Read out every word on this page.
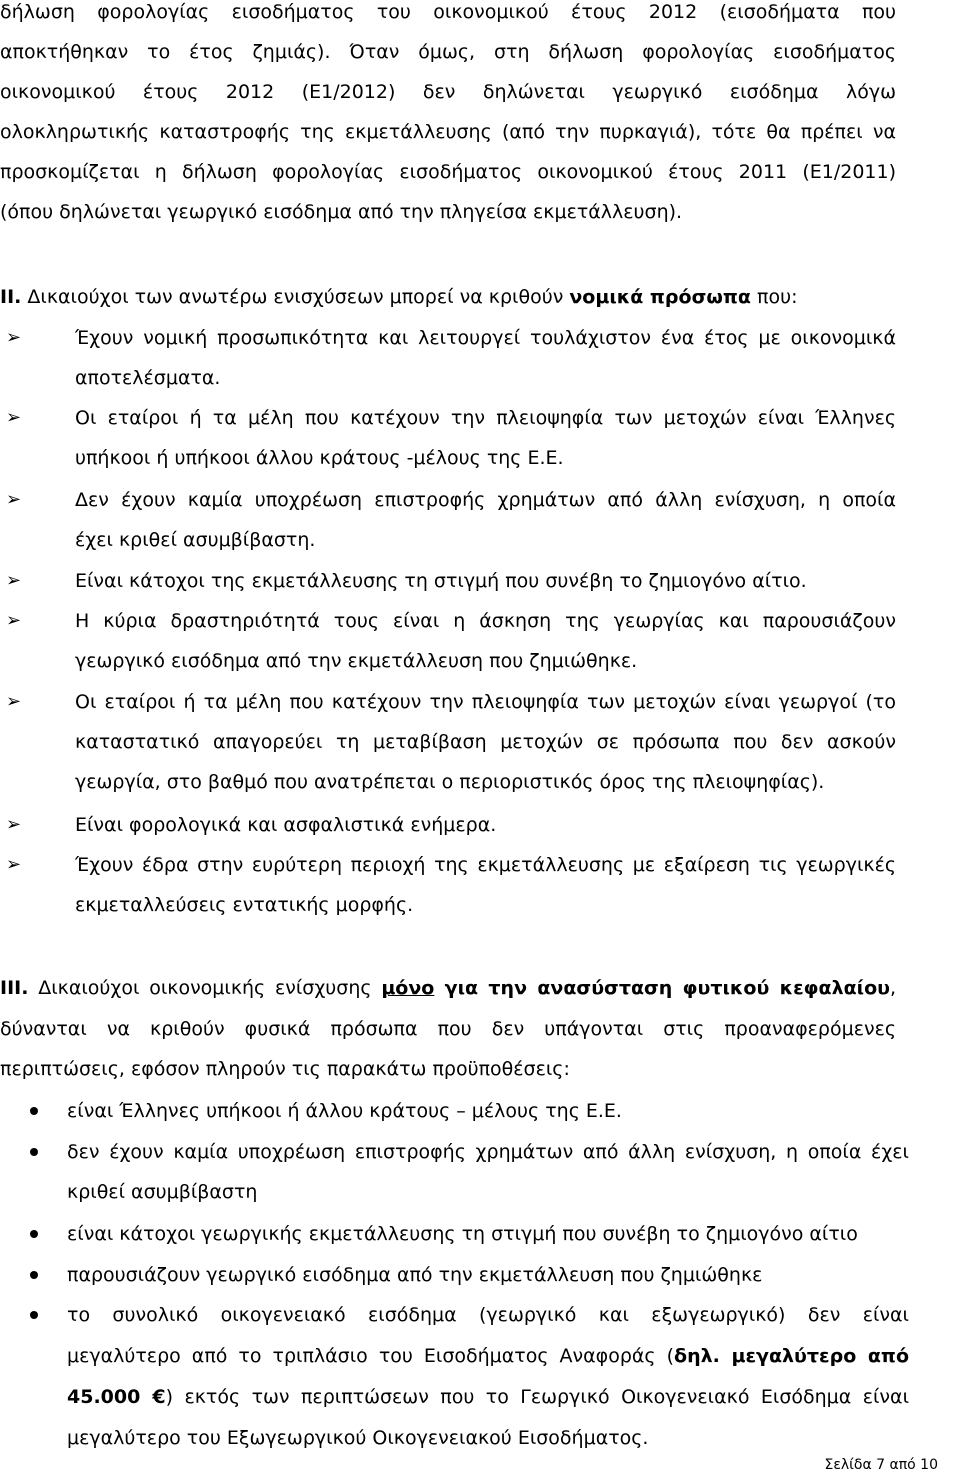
δήλωση φορολογίας εισοδήματος του οικονομικού έτους 2012 (εισοδήματα που
αποκτήθηκαν το έτος ζημιάς). Όταν όμως, στη δήλωση φορολογίας εισοδήματος
οικονομικού έτους 2012 (Ε1/2012) δεν δηλώνεται γεωργικό εισόδημα λόγω
ολοκληρωτικής καταστροφής της εκμετάλλευσης (από την πυρκαγιά), τότε θα πρέπει να
προσκομίζεται η δήλωση φορολογίας εισοδήματος οικονομικού έτους 2011 (Ε1/2011)
(όπου δηλώνεται γεωργικό εισόδημα από την πληγείσα εκμετάλλευση).
II. Δικαιούχοι των ανωτέρω ενισχύσεων μπορεί να κριθούν νομικά πρόσωπα που:
➢	Έχουν νομική προσωπικότητα και λειτουργεί τουλάχιστον ένα έτος με οικονομικά
αποτελέσματα.
➢	Οι εταίροι ή τα μέλη που κατέχουν την πλειοψηφία των μετοχών είναι Έλληνες
υπήκοοι ή υπήκοοι άλλου κράτους -μέλους της Ε.Ε.
➢	Δεν έχουν καμία υποχρέωση επιστροφής χρημάτων από άλλη ενίσχυση, η οποία
έχει κριθεί ασυμβίβαστη.
➢	Είναι κάτοχοι της εκμετάλλευσης τη στιγμή που συνέβη το ζημιογόνο αίτιο.
➢	Η κύρια δραστηριότητά τους είναι η άσκηση της γεωργίας και παρουσιάζουν
γεωργικό εισόδημα από την εκμετάλλευση που ζημιώθηκε.
➢	Οι εταίροι ή τα μέλη που κατέχουν την πλειοψηφία των μετοχών είναι γεωργοί (το
καταστατικό απαγορεύει τη μεταβίβαση μετοχών σε πρόσωπα που δεν ασκούν
γεωργία, στο βαθμό που ανατρέπεται ο περιοριστικός όρος της πλειοψηφίας).
➢	Είναι φορολογικά και ασφαλιστικά ενήμερα.
➢	Έχουν έδρα στην ευρύτερη περιοχή της εκμετάλλευσης με εξαίρεση τις γεωργικές
εκμεταλλεύσεις εντατικής μορφής.
III. Δικαιούχοι οικονομικής ενίσχυσης μόνο για την ανασύσταση φυτικού κεφαλαίου,
δύνανται να κριθούν φυσικά πρόσωπα που δεν υπάγονται στις προαναφερόμενες
περιπτώσεις, εφόσον πληρούν τις παρακάτω προϋποθέσεις:
είναι Έλληνες υπήκοοι ή άλλου κράτους – μέλους της Ε.Ε.
δεν έχουν καμία υποχρέωση επιστροφής χρημάτων από άλλη ενίσχυση, η οποία έχει
κριθεί ασυμβίβαστη
είναι κάτοχοι γεωργικής εκμετάλλευσης τη στιγμή που συνέβη το ζημιογόνο αίτιο
παρουσιάζουν γεωργικό εισόδημα από την εκμετάλλευση που ζημιώθηκε
το συνολικό οικογενειακό εισόδημα (γεωργικό και εξωγεωργικό) δεν είναι
μεγαλύτερο από το τριπλάσιο του Εισοδήματος Αναφοράς (δηλ. μεγαλύτερο από
45.000 €) εκτός των περιπτώσεων που το Γεωργικό Οικογενειακό Εισόδημα είναι
μεγαλύτερο του Εξωγεωργικού Οικογενειακού Εισοδήματος.
Σελίδα 7 από 10
